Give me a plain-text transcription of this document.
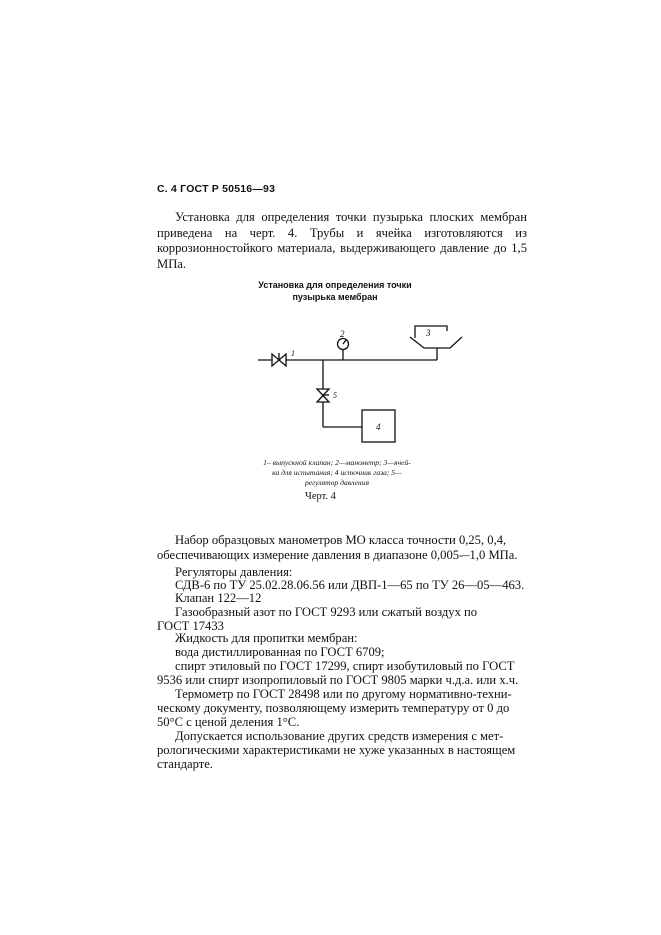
С. 4 ГОСТ Р 50516—93
Установка для определения точки пузырька плоских мембран приведена на черт. 4. Трубы и ячейка изготовляются из коррозионностойкого материала, выдерживающего давление до 1,5 МПа.
Установка для определения точки
пузырька мембран
1
2	3
4
5
1– выпускной клапан; 2—манометр; 3—ячей-
ка для испытания; 4 источник газа; 5—
регулятор давления
Черт. 4
Набор образцовых манометров МО класса точности 0,25, 0,4,
обеспечивающих измерение давления в диапазоне 0,005-–1,0 МПа.
Регуляторы давления:
СДВ-6 по ТУ 25.02.28.06.56 или ДВП-1—65 по ТУ 26—05—463.
Клапан 122—12
Газообразный азот по ГОСТ 9293 или сжатый воздух по
ГОСТ 17433
Жидкость для пропитки мембран:
вода дистиллированная по ГОСТ 6709;
спирт этиловый по ГОСТ 17299, спирт изобутиловый по ГОСТ
9536 или спирт изопропиловый по ГОСТ 9805 марки ч.д.а. или х.ч.
Термометр по ГОСТ 28498 или по другому нормативно-техни-
ческому документу, позволяющему измерить температуру от 0 до
50°С с ценой деления 1°С.
Допускается использование других средств измерения с мет-
рологическими характеристиками не хуже указанных в настоящем
стандарте.
